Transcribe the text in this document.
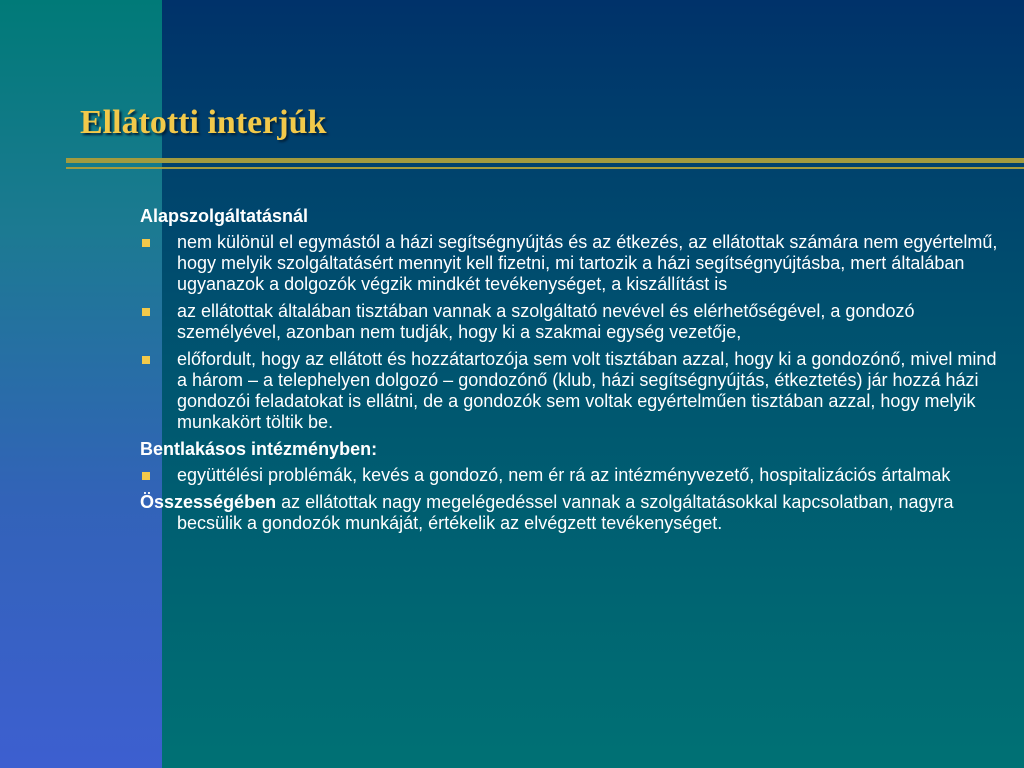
Ellátotti interjúk
Alapszolgáltatásnál
nem különül el egymástól a házi segítségnyújtás és az étkezés, az ellátottak számára nem egyértelmű, hogy melyik szolgáltatásért mennyit kell fizetni, mi tartozik a házi segítségnyújtásba, mert általában ugyanazok a dolgozók végzik mindkét tevékenységet, a kiszállítást is
az ellátottak általában tisztában vannak a szolgáltató nevével és elérhetőségével, a gondozó személyével, azonban nem tudják, hogy ki a szakmai egység vezetője,
előfordult, hogy az ellátott és hozzátartozója sem volt tisztában azzal, hogy ki a gondozónő, mivel mind a három – a telephelyen dolgozó – gondozónő (klub, házi segítségnyújtás, étkeztetés) jár hozzá házi gondozói feladatokat is ellátni, de a gondozók sem voltak egyértelműen tisztában azzal, hogy melyik munkakört töltik be.
Bentlakásos intézményben:
együttélési problémák, kevés a gondozó, nem ér rá az intézményvezető, hospitalizációs ártalmak
Összességében az ellátottak nagy megelégedéssel vannak a szolgáltatásokkal kapcsolatban, nagyra becsülik a gondozók munkáját, értékelik az elvégzett tevékenységet.
